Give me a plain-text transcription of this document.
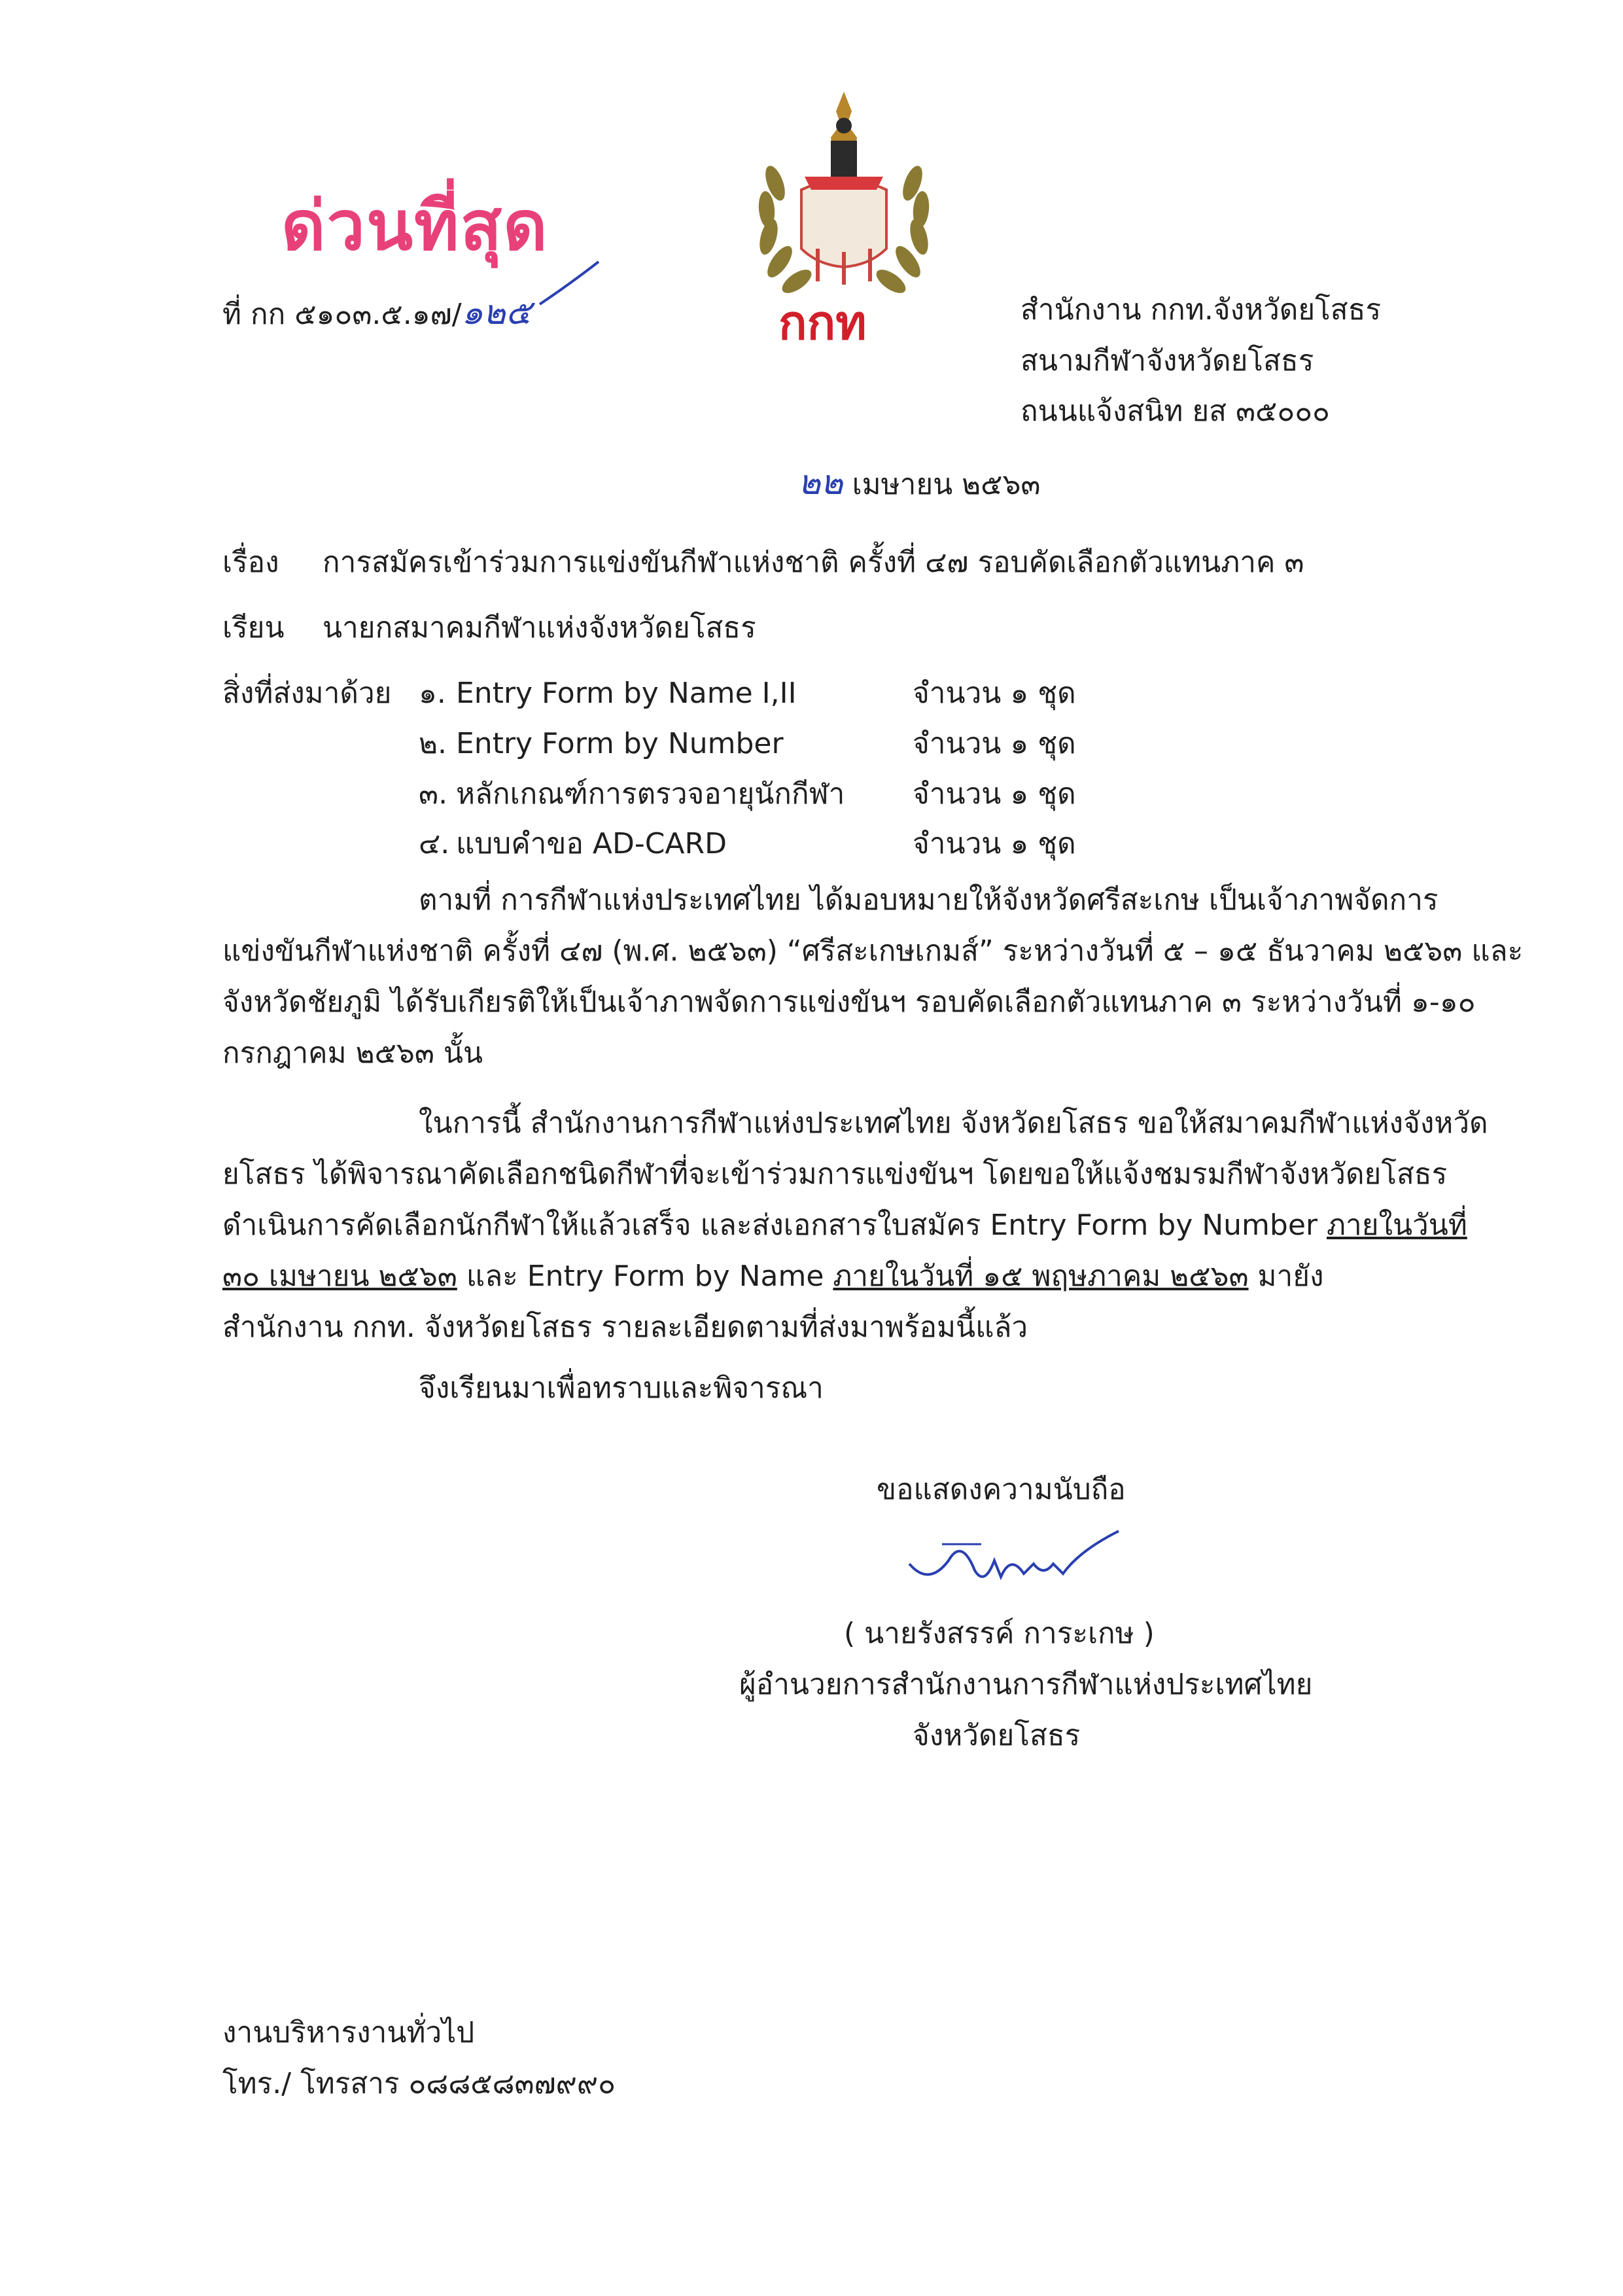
ด่วนที่สุด
ที่ กก ๕๑๐๓.๕.๑๗/๑๒๕	กกท	สำนักงาน กกท.จังหวัดยโสธร
สนามกีฬาจังหวัดยโสธร
ถนนแจ้งสนิท ยส ๓๕๐๐๐
๒๒ เมษายน ๒๕๖๓
เรื่อง การสมัครเข้าร่วมการแข่งขันกีฬาแห่งชาติ ครั้งที่ ๔๗ รอบคัดเลือกตัวแทนภาค ๓
เรียน นายกสมาคมกีฬาแห่งจังหวัดยโสธร
สิ่งที่ส่งมาด้วย ๑. Entry Form by Name I,II	จำนวน ๑ ชุด
๒. Entry Form by Number	จำนวน ๑ ชุด
๓. หลักเกณฑ์การตรวจอายุนักกีฬา จำนวน ๑ ชุด
๔. แบบคำขอ AD-CARD	จำนวน ๑ ชุด
ตามที่ การกีฬาแห่งประเทศไทย ได้มอบหมายให้จังหวัดศรีสะเกษ เป็นเจ้าภาพจัดการ
แข่งขันกีฬาแห่งชาติ ครั้งที่ ๔๗ (พ.ศ. ๒๕๖๓) “ศรีสะเกษเกมส์” ระหว่างวันที่ ๕ – ๑๕ ธันวาคม ๒๕๖๓ และ
จังหวัดชัยภูมิ ได้รับเกียรติให้เป็นเจ้าภาพจัดการแข่งขันฯ รอบคัดเลือกตัวแทนภาค ๓ ระหว่างวันที่ ๑-๑๐
กรกฎาคม ๒๕๖๓ นั้น
ในการนี้ สำนักงานการกีฬาแห่งประเทศไทย จังหวัดยโสธร ขอให้สมาคมกีฬาแห่งจังหวัด
ยโสธร ได้พิจารณาคัดเลือกชนิดกีฬาที่จะเข้าร่วมการแข่งขันฯ โดยขอให้แจ้งชมรมกีฬาจังหวัดยโสธร
ดำเนินการคัดเลือกนักกีฬาให้แล้วเสร็จ และส่งเอกสารใบสมัคร Entry Form by Number ภายในวันที่
๓๐ เมษายน ๒๕๖๓ และ Entry Form by Name ภายในวันที่ ๑๕ พฤษภาคม ๒๕๖๓ มายัง
สำนักงาน กกท. จังหวัดยโสธร รายละเอียดตามที่ส่งมาพร้อมนี้แล้ว
จึงเรียนมาเพื่อทราบและพิจารณา
ขอแสดงความนับถือ
( นายรังสรรค์ การะเกษ )
ผู้อำนวยการสำนักงานการกีฬาแห่งประเทศไทย
จังหวัดยโสธร
งานบริหารงานทั่วไป
โทร./ โทรสาร ๐๘๘๕๘๓๗๙๙๐
